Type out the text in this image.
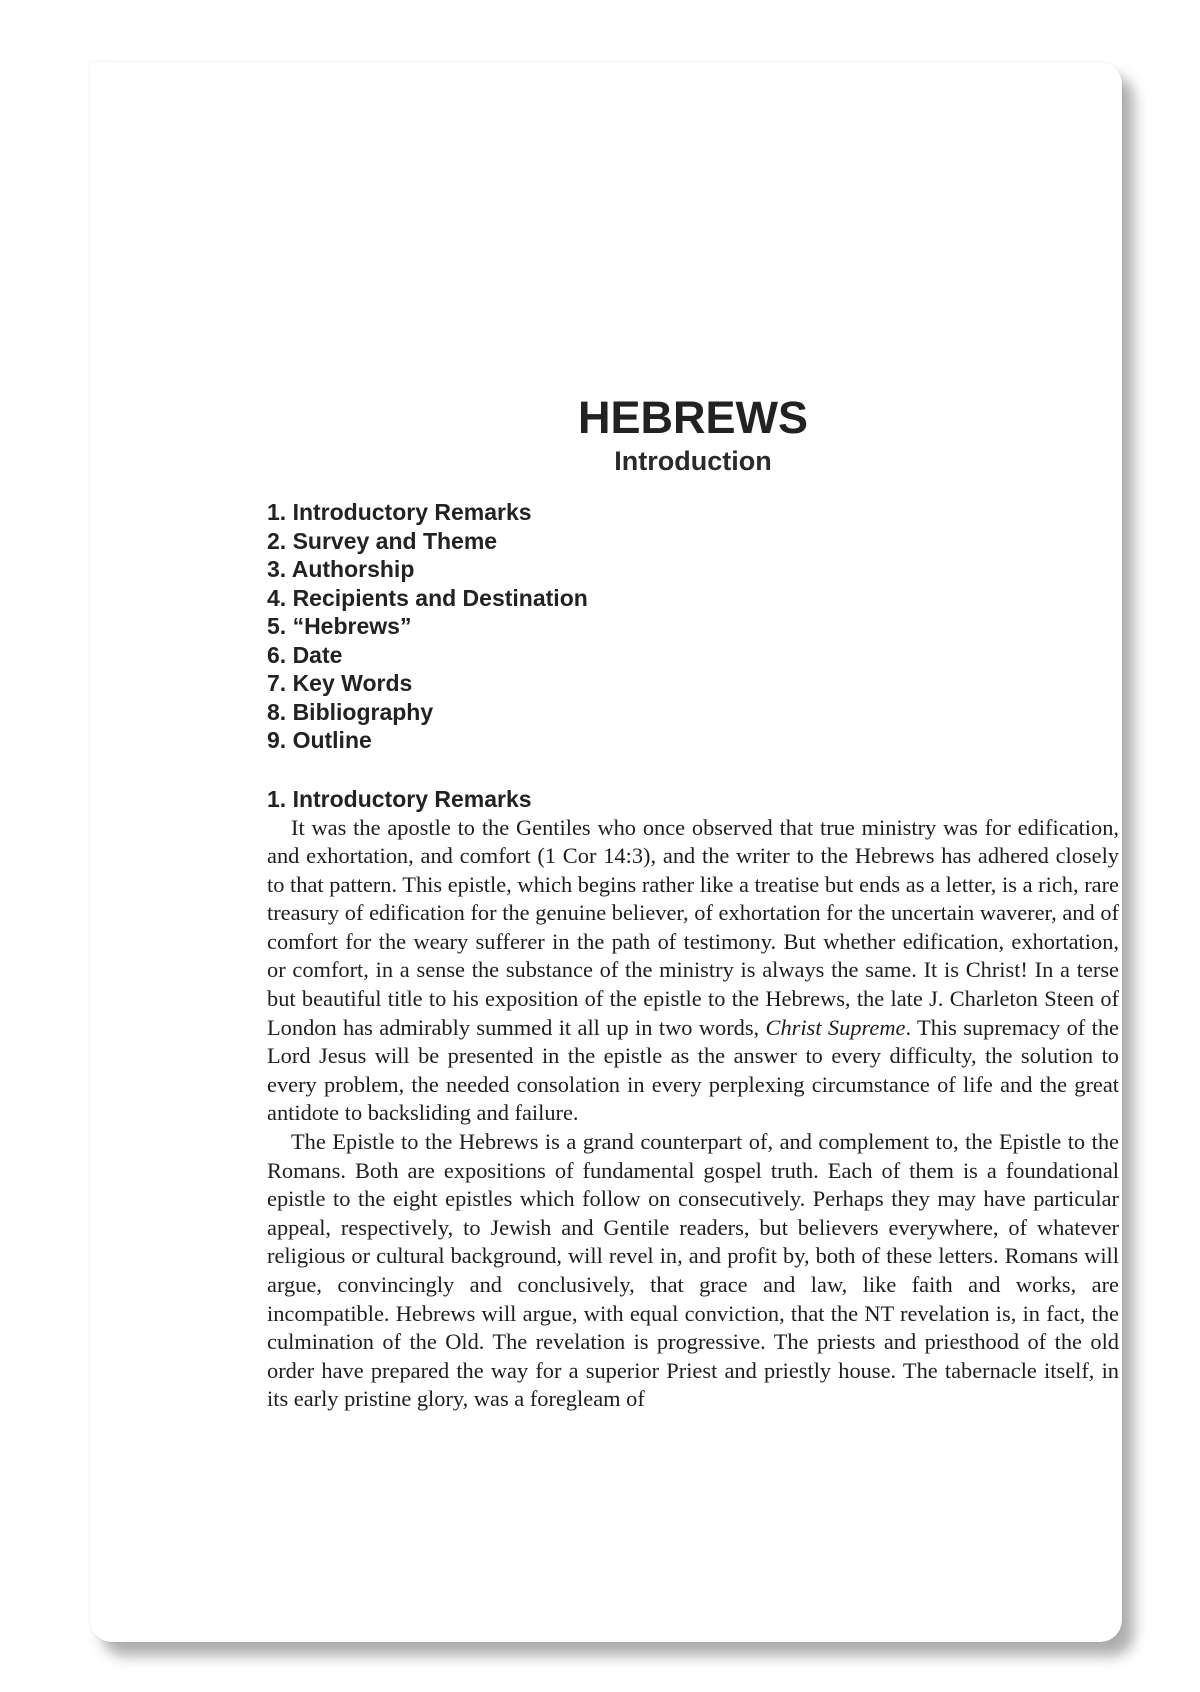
HEBREWS
Introduction
1. Introductory Remarks
2. Survey and Theme
3. Authorship
4. Recipients and Destination
5. “Hebrews”
6. Date
7. Key Words
8. Bibliography
9. Outline
1. Introductory Remarks

It was the apostle to the Gentiles who once observed that true ministry was for edification, and exhortation, and comfort (1 Cor 14:3), and the writer to the Hebrews has adhered closely to that pattern. This epistle, which begins rather like a treatise but ends as a letter, is a rich, rare treasury of edification for the genuine believer, of exhortation for the uncertain waverer, and of comfort for the weary sufferer in the path of testimony. But whether edification, exhortation, or comfort, in a sense the substance of the ministry is always the same. It is Christ! In a terse but beautiful title to his exposition of the epistle to the Hebrews, the late J. Charleton Steen of London has admirably summed it all up in two words, Christ Supreme. This supremacy of the Lord Jesus will be presented in the epistle as the answer to every difficulty, the solution to every problem, the needed consolation in every perplexing circumstance of life and the great antidote to backsliding and failure.

The Epistle to the Hebrews is a grand counterpart of, and complement to, the Epistle to the Romans. Both are expositions of fundamental gospel truth. Each of them is a foundational epistle to the eight epistles which follow on consecutively. Perhaps they may have particular appeal, respectively, to Jewish and Gentile readers, but believers everywhere, of whatever religious or cultural background, will revel in, and profit by, both of these letters. Romans will argue, convincingly and conclusively, that grace and law, like faith and works, are incompatible. Hebrews will argue, with equal conviction, that the NT revelation is, in fact, the culmination of the Old. The revelation is progressive. The priests and priesthood of the old order have prepared the way for a superior Priest and priestly house. The tabernacle itself, in its early pristine glory, was a foregleam of
